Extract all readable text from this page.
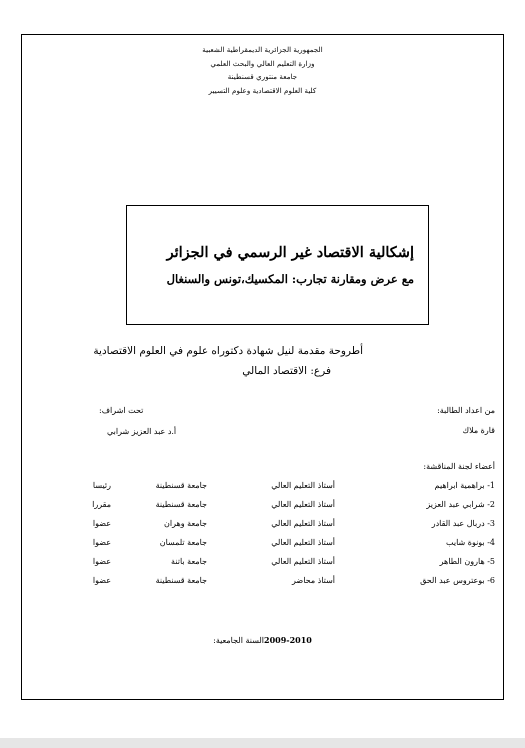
الجمهورية الجزائرية الديمقراطية الشعبية
وزارة التعليم العالي والبحث العلمي
جامعة منتوري قسنطينة
كلية العلوم الاقتصادية وعلوم التسيير
إشكالية الاقتصاد غير الرسمي في الجزائر
مع عرض ومقارنة تجارب: المكسيك،تونس والسنغال
أطروحة مقدمة لنيل شهادة دكتوراه علوم في العلوم الاقتصادية
فرع: الاقتصاد المالي
تحت اشراف:
أ.د عبد العزيز شرابي
من اعداد الطالبة:
قارة ملاك
أعضاء لجنة المناقشة:
1- براهمية ابراهيم
أستاذ التعليم العالي
جامعة قسنطينة
رئيسا
2- شرابي عبد العزيز
أستاذ التعليم العالي
جامعة قسنطينة
مقررا
3- دربال عبد القادر
أستاذ التعليم العالي
جامعة وهران
عضوا
4- بونوة شايب
أستاذ التعليم العالي
جامعة تلمسان
عضوا
5- هارون الطاهر
أستاذ التعليم العالي
جامعة باتنة
عضوا
6- بوعتروس عبد الحق
أستاذ محاضر
جامعة قسنطينة
عضوا
السنة الجامعية:2009-2010
